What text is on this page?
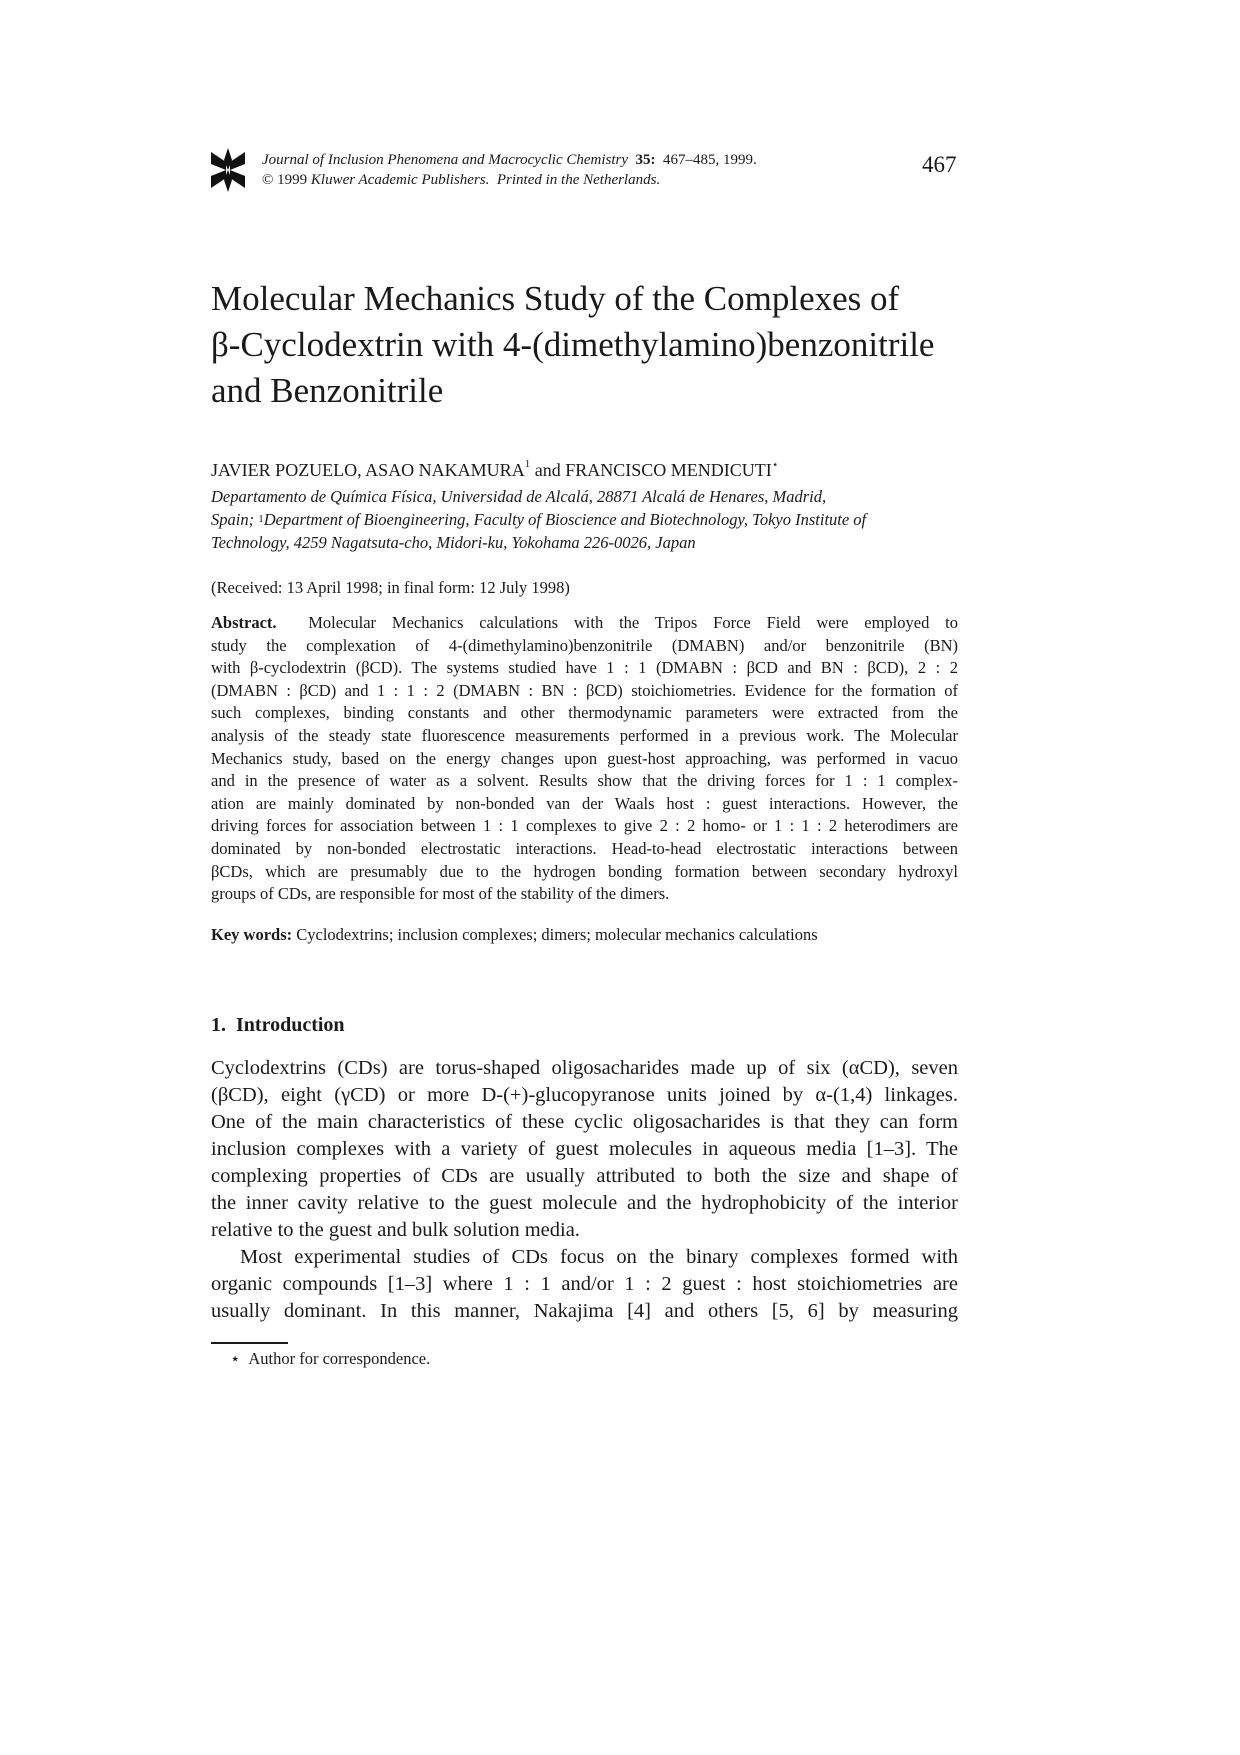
Journal of Inclusion Phenomena and Macrocyclic Chemistry 35: 467–485, 1999.
© 1999 Kluwer Academic Publishers. Printed in the Netherlands.
467
Molecular Mechanics Study of the Complexes of
β-Cyclodextrin with 4-(dimethylamino)benzonitrile
and Benzonitrile
JAVIER POZUELO, ASAO NAKAMURA$^1$ and FRANCISCO MENDICUTI⋆
Departamento de Química Física, Universidad de Alcalá, 28871 Alcalá de Henares, Madrid,
Spain; $^1$Department of Bioengineering, Faculty of Bioscience and Biotechnology, Tokyo Institute of
Technology, 4259 Nagatsuta-cho, Midori-ku, Yokohama 226-0026, Japan
(Received: 13 April 1998; in final form: 12 July 1998)
Abstract. Molecular Mechanics calculations with the Tripos Force Field were employed to
study the complexation of 4-(dimethylamino)benzonitrile (DMABN) and/or benzonitrile (BN)
with β-cyclodextrin (βCD). The systems studied have 1 : 1 (DMABN : βCD and BN : βCD), 2 : 2
(DMABN : βCD) and 1 : 1 : 2 (DMABN : BN : βCD) stoichiometries. Evidence for the formation of
such complexes, binding constants and other thermodynamic parameters were extracted from the
analysis of the steady state fluorescence measurements performed in a previous work. The Molecular
Mechanics study, based on the energy changes upon guest-host approaching, was performed in vacuo
and in the presence of water as a solvent. Results show that the driving forces for 1 : 1 complex-
ation are mainly dominated by non-bonded van der Waals host : guest interactions. However, the
driving forces for association between 1 : 1 complexes to give 2 : 2 homo- or 1 : 1 : 2 heterodimers are
dominated by non-bonded electrostatic interactions. Head-to-head electrostatic interactions between
βCDs, which are presumably due to the hydrogen bonding formation between secondary hydroxyl
groups of CDs, are responsible for most of the stability of the dimers.
Key words: Cyclodextrins; inclusion complexes; dimers; molecular mechanics calculations
1. Introduction
Cyclodextrins (CDs) are torus-shaped oligosacharides made up of six (αCD), seven
(βCD), eight (γCD) or more D-(+)-glucopyranose units joined by α-(1,4) linkages.
One of the main characteristics of these cyclic oligosacharides is that they can form
inclusion complexes with a variety of guest molecules in aqueous media [1–3]. The
complexing properties of CDs are usually attributed to both the size and shape of
the inner cavity relative to the guest molecule and the hydrophobicity of the interior
relative to the guest and bulk solution media.
Most experimental studies of CDs focus on the binary complexes formed with
organic compounds [1–3] where 1 : 1 and/or 1 : 2 guest : host stoichiometries are
usually dominant. In this manner, Nakajima [4] and others [5, 6] by measuring
⋆ Author for correspondence.
